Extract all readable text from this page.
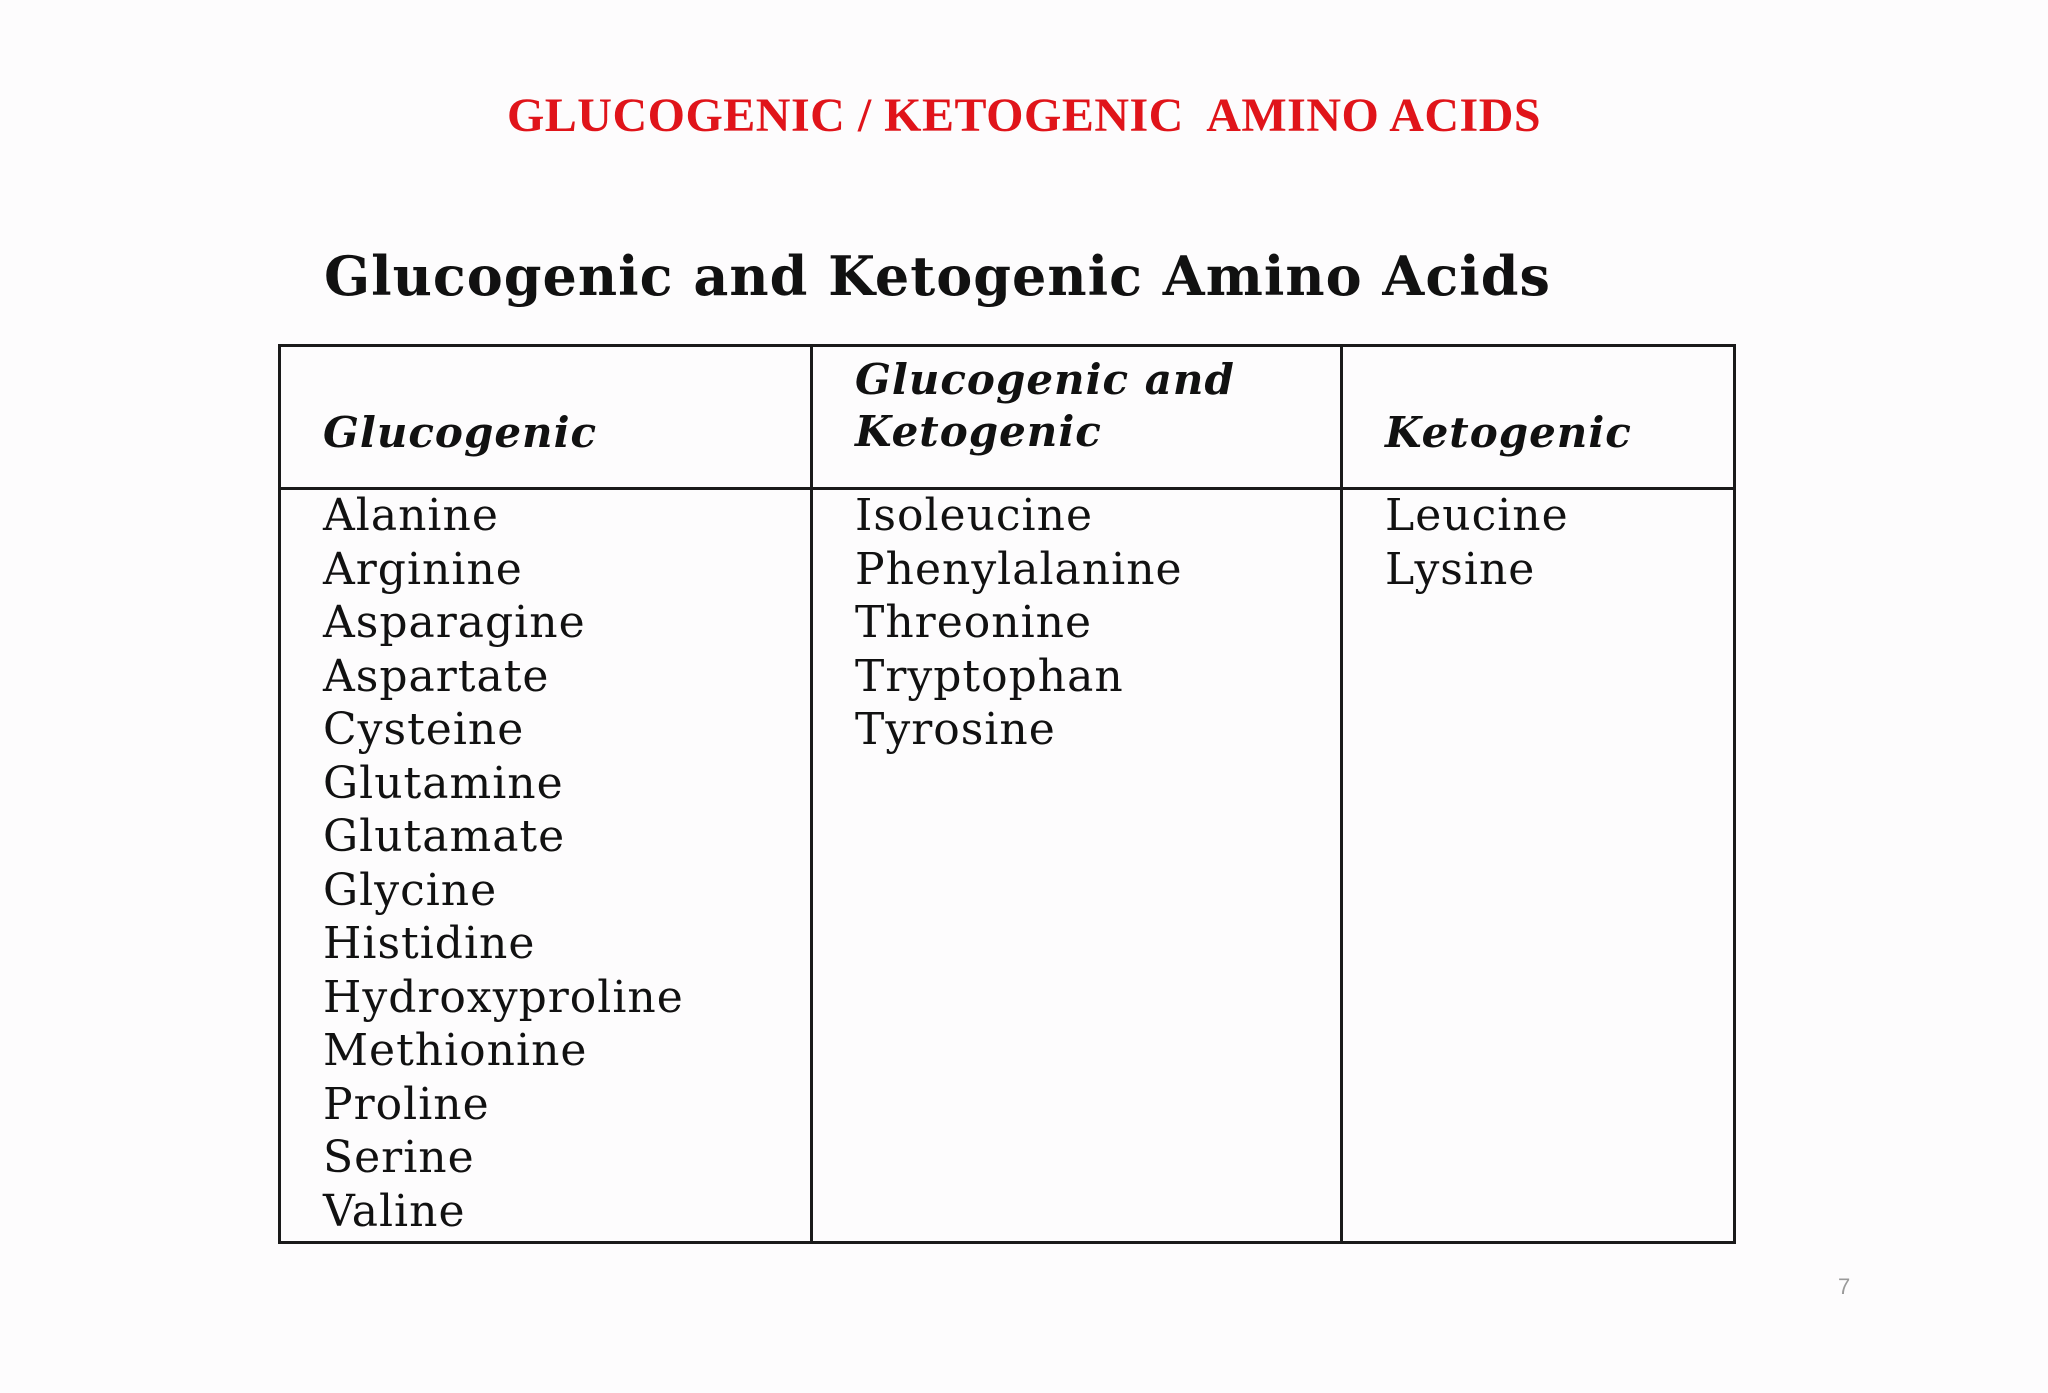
GLUCOGENIC / KETOGENIC  AMINO ACIDS
Glucogenic and Ketogenic Amino Acids
Glucogenic
Alanine
Arginine
Asparagine
Aspartate
Cysteine
Glutamine
Glutamate
Glycine
Histidine
Hydroxyproline
Methionine
Proline
Serine
Valine
Glucogenic and
Ketogenic
Isoleucine
Phenylalanine
Threonine
Tryptophan
Tyrosine
Ketogenic
Leucine
Lysine
7
